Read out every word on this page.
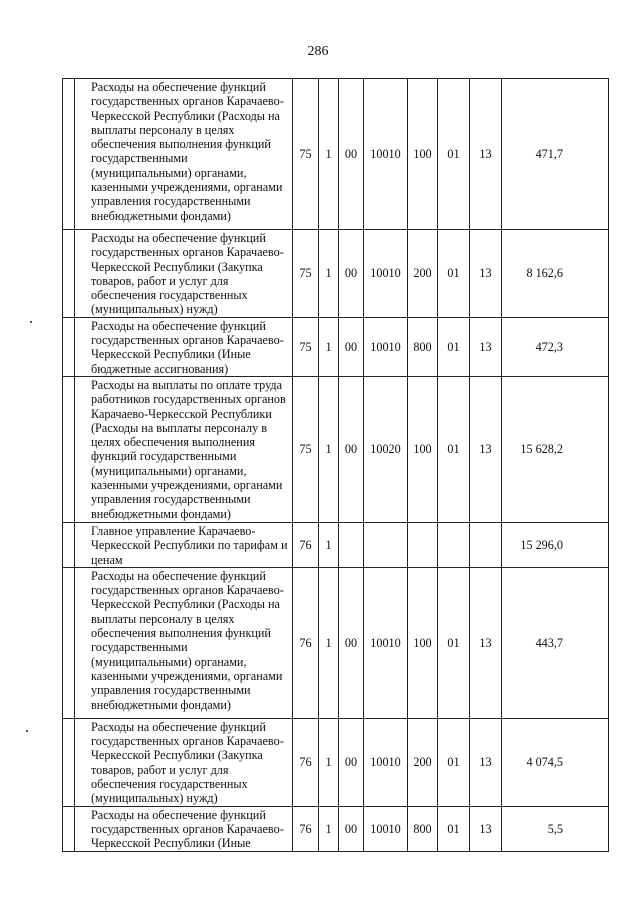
286
	Расходы на обеспечение функций государственных органов Карачаево-Черкесской Республики (Расходы на выплаты персоналу в целях обеспечения выполнения функций государственными (муниципальными) органами, казенными учреждениями, органами управления государственными внебюджетными фондами)	75	1	00	10010	100	01	13	471,7
	Расходы на обеспечение функций государственных органов Карачаево-Черкесской Республики (Закупка товаров, работ и услуг для обеспечения государственных (муниципальных) нужд)	75	1	00	10010	200	01	13	8 162,6
	Расходы на обеспечение функций государственных органов Карачаево-Черкесской Республики (Иные бюджетные ассигнования)	75	1	00	10010	800	01	13	472,3
	Расходы на выплаты по оплате труда работников государственных органов Карачаево-Черкесской Республики (Расходы на выплаты персоналу в целях обеспечения выполнения функций государственными (муниципальными) органами, казенными учреждениями, органами управления государственными внебюджетными фондами)	75	1	00	10020	100	01	13	15 628,2
	Главное управление Карачаево-Черкесской Республики по тарифам и ценам	76	1						15 296,0
	Расходы на обеспечение функций государственных органов Карачаево-Черкесской Республики (Расходы на выплаты персоналу в целях обеспечения выполнения функций государственными (муниципальными) органами, казенными учреждениями, органами управления государственными внебюджетными фондами)	76	1	00	10010	100	01	13	443,7
	Расходы на обеспечение функций государственных органов Карачаево-Черкесской Республики (Закупка товаров, работ и услуг для обеспечения государственных (муниципальных) нужд)	76	1	00	10010	200	01	13	4 074,5
	Расходы на обеспечение функций государственных органов Карачаево-Черкесской Республики (Иные	76	1	00	10010	800	01	13	5,5
